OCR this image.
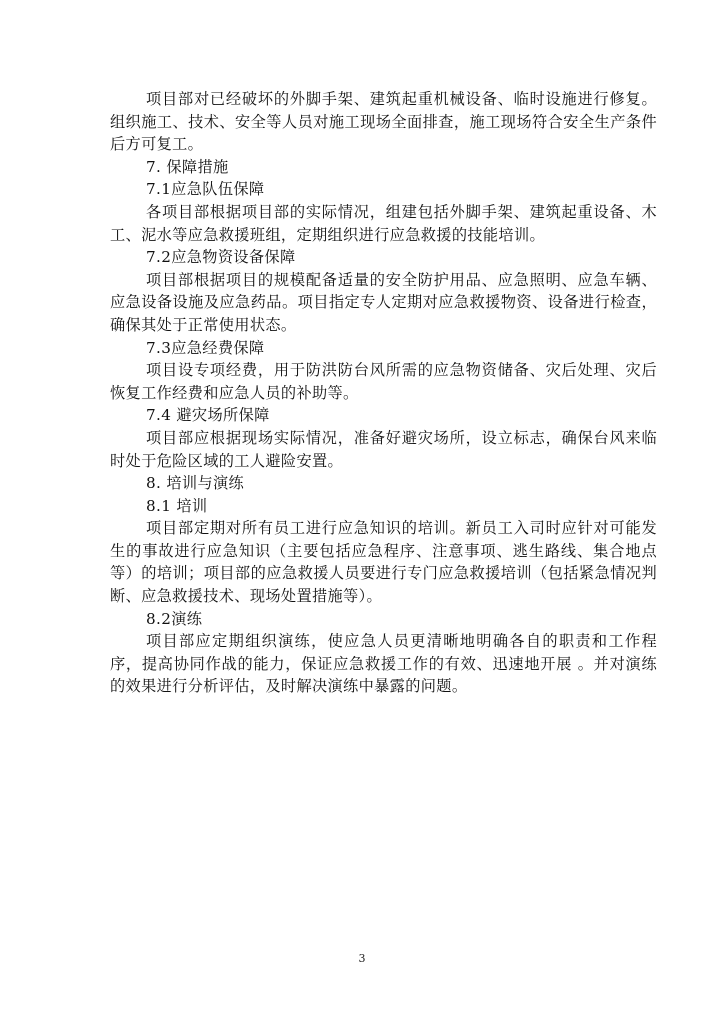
项目部对已经破坏的外脚手架、建筑起重机械设备、临时设施进行修复。组织施工、技术、安全等人员对施工现场全面排查，施工现场符合安全生产条件后方可复工。

7. 保障措施

7.1应急队伍保障

各项目部根据项目部的实际情况，组建包括外脚手架、建筑起重设备、木工、泥水等应急救援班组，定期组织进行应急救援的技能培训。

7.2应急物资设备保障

项目部根据项目的规模配备适量的安全防护用品、应急照明、应急车辆、应急设备设施及应急药品。项目指定专人定期对应急救援物资、设备进行检查，确保其处于正常使用状态。

7.3应急经费保障

项目设专项经费，用于防洪防台风所需的应急物资储备、灾后处理、灾后恢复工作经费和应急人员的补助等。

7.4 避灾场所保障

项目部应根据现场实际情况，准备好避灾场所，设立标志，确保台风来临时处于危险区域的工人避险安置。

8. 培训与演练

8.1 培训

项目部定期对所有员工进行应急知识的培训。新员工入司时应针对可能发生的事故进行应急知识（主要包括应急程序、注意事项、逃生路线、集合地点等）的培训；项目部的应急救援人员要进行专门应急救援培训（包括紧急情况判断、应急救援技术、现场处置措施等）。

8.2演练

项目部应定期组织演练，使应急人员更清晰地明确各自的职责和工作程序，提高协同作战的能力，保证应急救援工作的有效、迅速地开展 。并对演练的效果进行分析评估，及时解决演练中暴露的问题。

3
